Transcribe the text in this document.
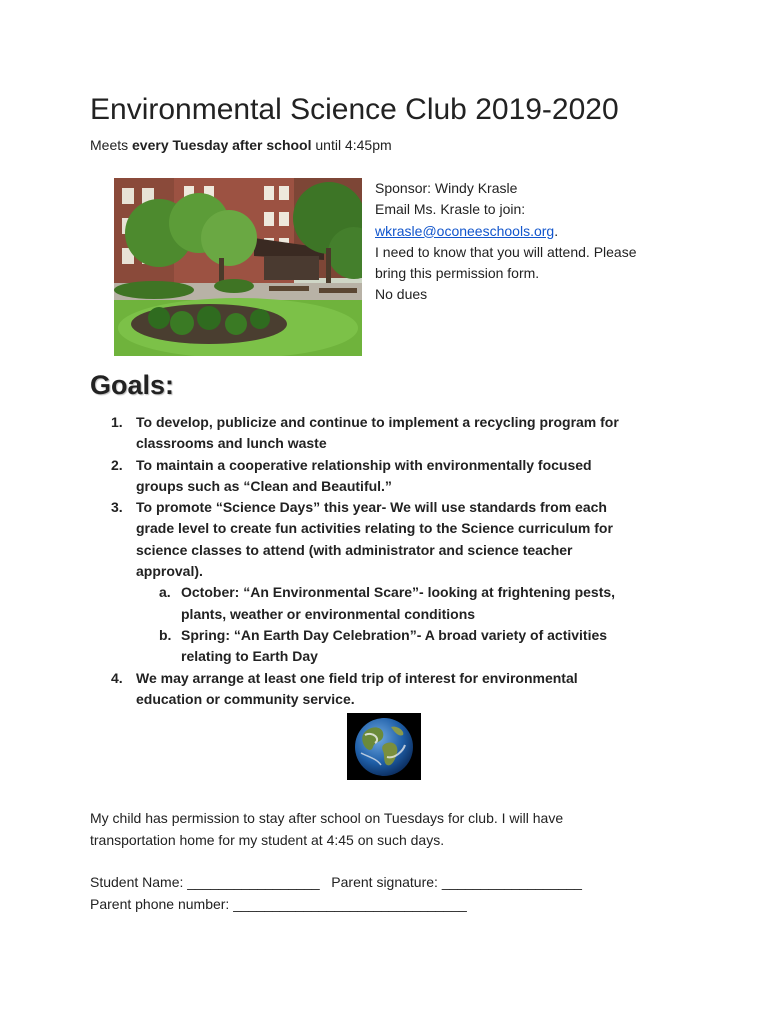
Environmental Science Club 2019-2020
Meets every Tuesday after school until 4:45pm
Sponsor: Windy Krasle
Email Ms. Krasle to join:
wkrasle@oconeeschools.org.
I need to know that you will attend. Please
bring this permission form.
No dues
Goals:
1. To develop, publicize and continue to implement a recycling program for
classrooms and lunch waste
2. To maintain a cooperative relationship with environmentally focused
groups such as “Clean and Beautiful.”
3. To promote “Science Days” this year- We will use standards from each
grade level to create fun activities relating to the Science curriculum for
science classes to attend (with administrator and science teacher
approval).
a. October: “An Environmental Scare”- looking at frightening pests,
plants, weather or environmental conditions
b. Spring: “An Earth Day Celebration”- A broad variety of activities
relating to Earth Day
4. We may arrange at least one field trip of interest for environmental
education or community service.
My child has permission to stay after school on Tuesdays for club. I will have
transportation home for my student at 4:45 on such days.
Student Name: _________________   Parent signature: __________________
Parent phone number: ______________________________
